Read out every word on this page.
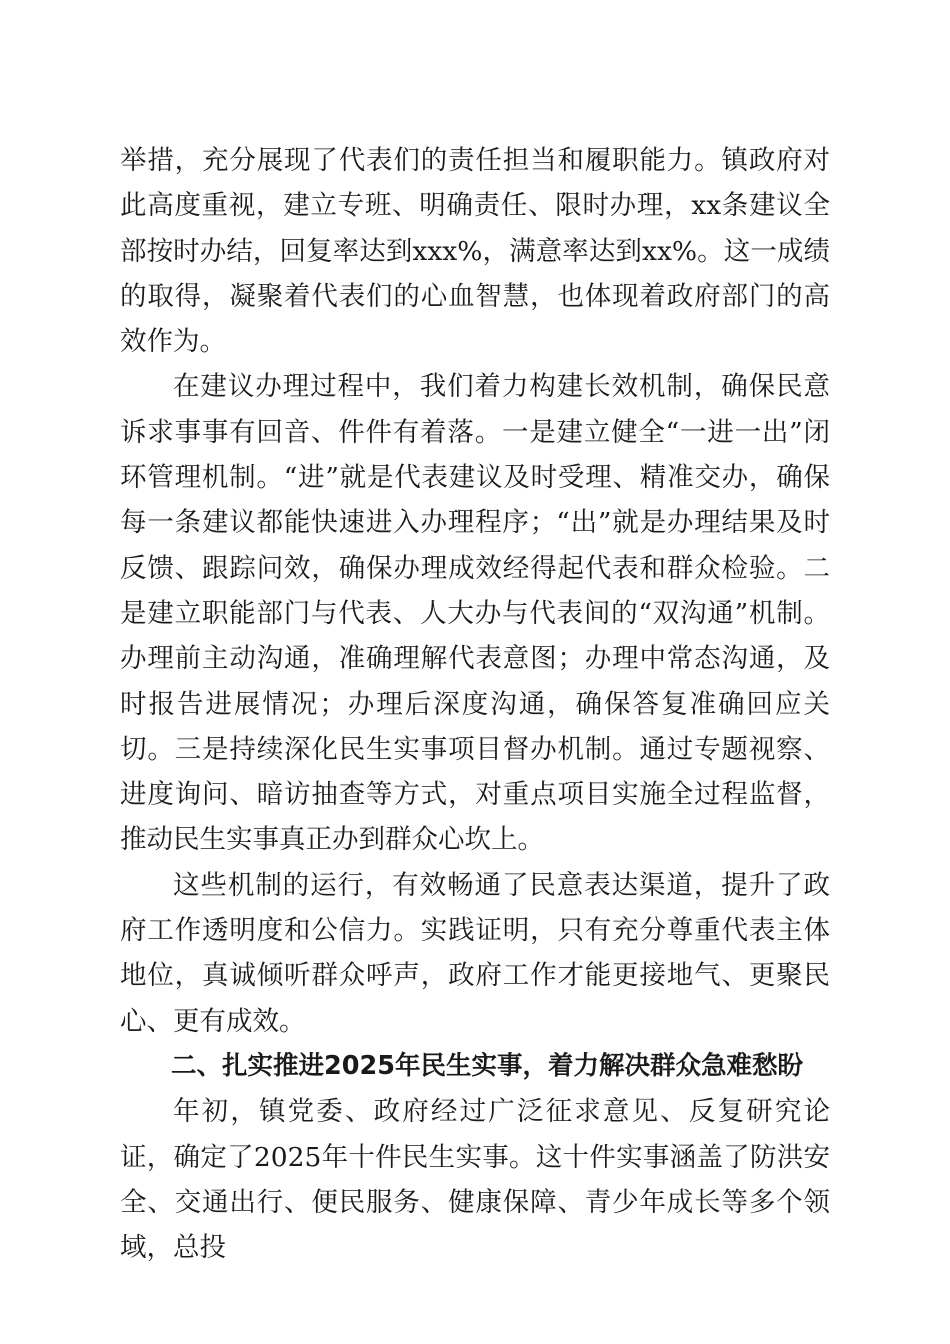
举措，充分展现了代表们的责任担当和履职能力。镇政府对此高度重视，建立专班、明确责任、限时办理，xx条建议全部按时办结，回复率达到xxx%，满意率达到xx%。这一成绩的取得，凝聚着代表们的心血智慧，也体现着政府部门的高效作为。

在建议办理过程中，我们着力构建长效机制，确保民意诉求事事有回音、件件有着落。一是建立健全“一进一出”闭环管理机制。“进”就是代表建议及时受理、精准交办，确保每一条建议都能快速进入办理程序；“出”就是办理结果及时反馈、跟踪问效，确保办理成效经得起代表和群众检验。二是建立职能部门与代表、人大办与代表间的“双沟通”机制。办理前主动沟通，准确理解代表意图；办理中常态沟通，及时报告进展情况；办理后深度沟通，确保答复准确回应关切。三是持续深化民生实事项目督办机制。通过专题视察、进度询问、暗访抽查等方式，对重点项目实施全过程监督，推动民生实事真正办到群众心坎上。

这些机制的运行，有效畅通了民意表达渠道，提升了政府工作透明度和公信力。实践证明，只有充分尊重代表主体地位，真诚倾听群众呼声，政府工作才能更接地气、更聚民心、更有成效。

二、扎实推进2025年民生实事，着力解决群众急难愁盼

年初，镇党委、政府经过广泛征求意见、反复研究论证，确定了2025年十件民生实事。这十件实事涵盖了防洪安全、交通出行、便民服务、健康保障、青少年成长等多个领域，总投
